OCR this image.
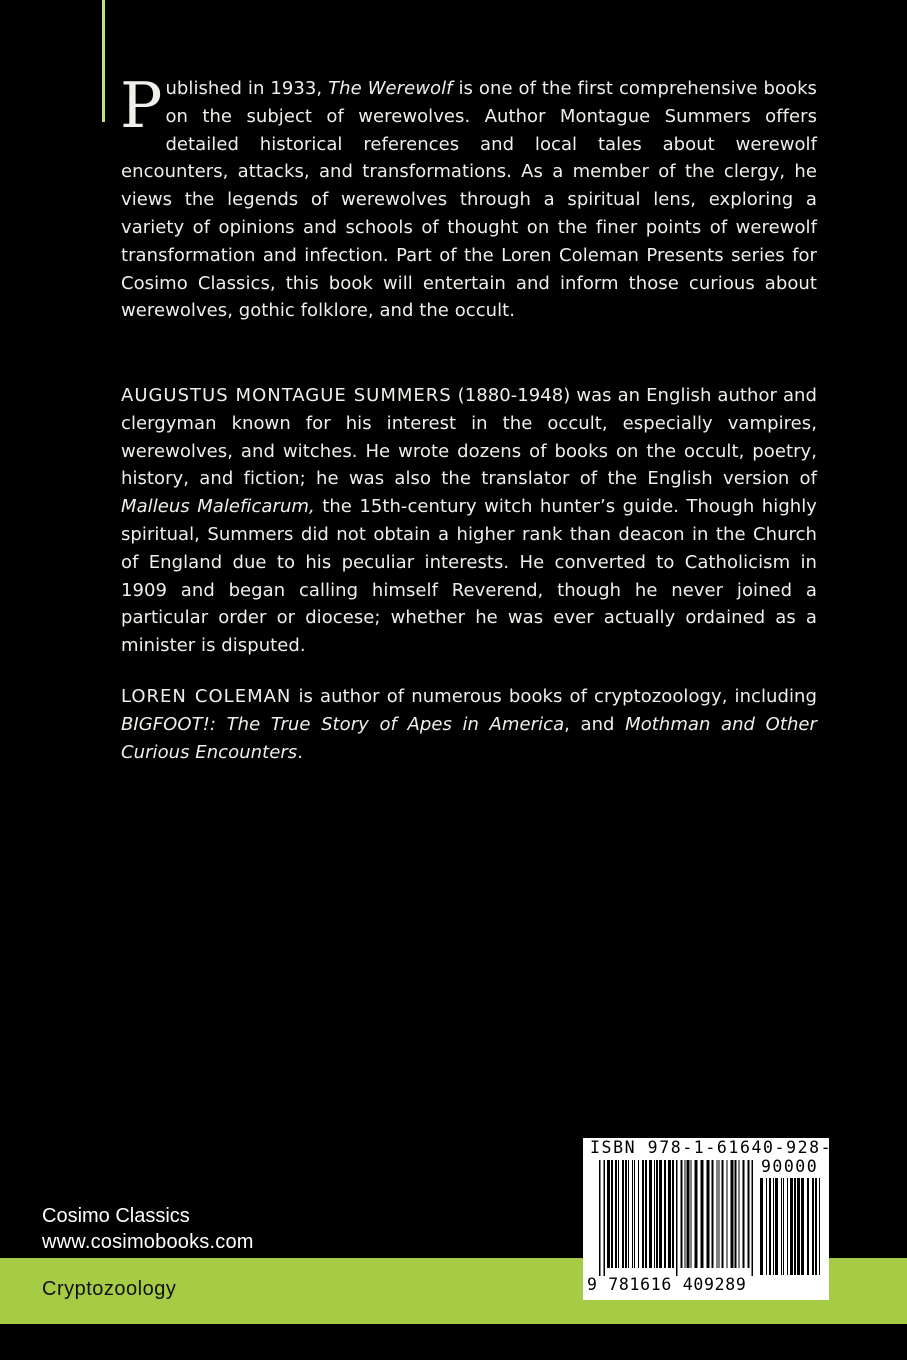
Published in 1933, The Werewolf is one of the first comprehensive books on the subject of werewolves. Author Montague Summers offers detailed historical references and local tales about werewolf encounters, attacks, and transformations. As a member of the clergy, he views the legends of werewolves through a spiritual lens, exploring a variety of opinions and schools of thought on the finer points of werewolf transformation and infection. Part of the Loren Coleman Presents series for Cosimo Classics, this book will entertain and inform those curious about werewolves, gothic folklore, and the occult.

AUGUSTUS MONTAGUE SUMMERS (1880-1948) was an English author and clergyman known for his interest in the occult, especially vampires, werewolves, and witches. He wrote dozens of books on the occult, poetry, history, and fiction; he was also the translator of the English version of Malleus Maleficarum, the 15th-century witch hunter’s guide. Though highly spiritual, Summers did not obtain a higher rank than deacon in the Church of England due to his peculiar interests. He converted to Catholicism in 1909 and began calling himself Reverend, though he never joined a particular order or diocese; whether he was ever actually ordained as a minister is disputed.

LOREN COLEMAN is author of numerous books of cryptozoology, including BIGFOOT!: The True Story of Apes in America, and Mothman and Other Curious Encounters.

Cosimo Classics
www.cosimobooks.com
Cryptozoology
ISBN 978-1-61640-928-9
90000
9 781616 409289
